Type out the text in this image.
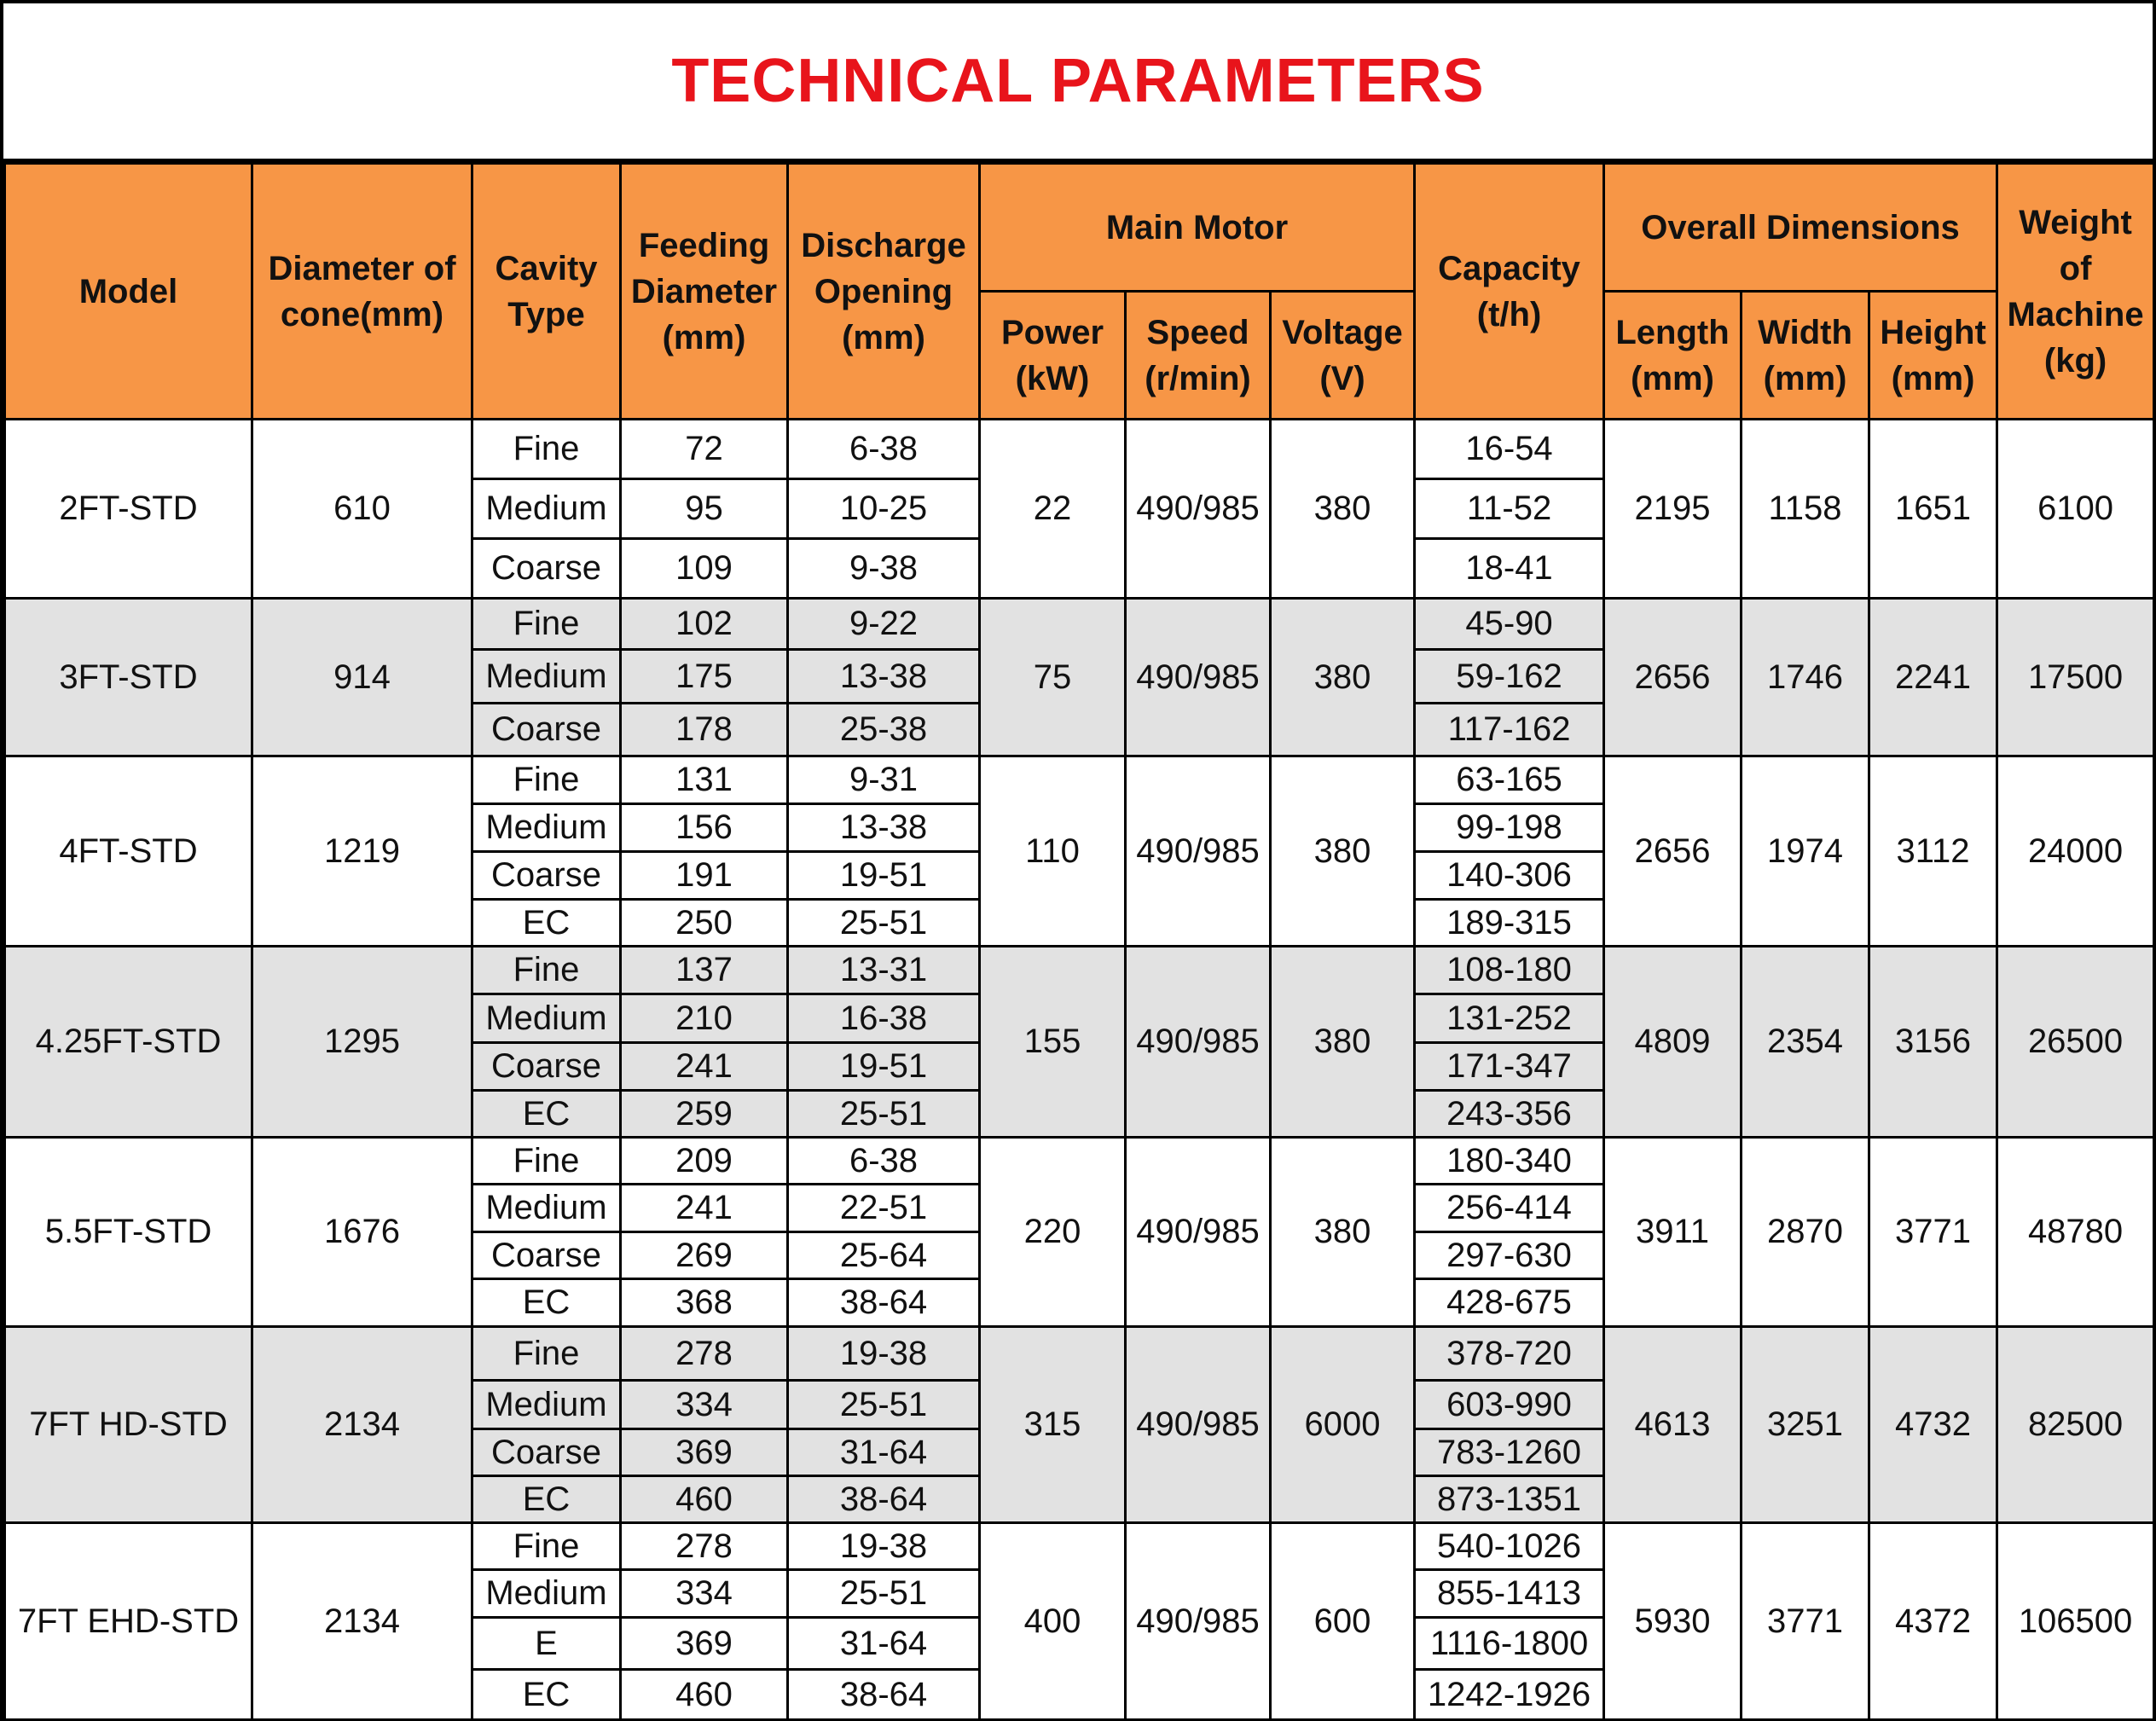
TECHNICAL PARAMETERS
Model	Diameter of cone(mm)	Cavity Type	Feeding Diameter (mm)	Discharge Opening (mm)	Main Motor			Capacity (t/h)	Overall Dimensions			Weight of Machine (kg)
					Power (kW)	Speed (r/min)	Voltage (V)		Length (mm)	Width (mm)	Height (mm)	
2FT-STD	610	Fine	72	6-38	22	490/985	380	16-54	2195	1158	1651	6100
		Medium	95	10-25				11-52				
		Coarse	109	9-38				18-41				
3FT-STD	914	Fine	102	9-22	75	490/985	380	45-90	2656	1746	2241	17500
		Medium	175	13-38				59-162				
		Coarse	178	25-38				117-162				
4FT-STD	1219	Fine	131	9-31	110	490/985	380	63-165	2656	1974	3112	24000
		Medium	156	13-38				99-198				
		Coarse	191	19-51				140-306				
		EC	250	25-51				189-315				
4.25FT-STD	1295	Fine	137	13-31	155	490/985	380	108-180	4809	2354	3156	26500
		Medium	210	16-38				131-252				
		Coarse	241	19-51				171-347				
		EC	259	25-51				243-356				
5.5FT-STD	1676	Fine	209	6-38	220	490/985	380	180-340	3911	2870	3771	48780
		Medium	241	22-51				256-414				
		Coarse	269	25-64				297-630				
		EC	368	38-64				428-675				
7FT HD-STD	2134	Fine	278	19-38	315	490/985	6000	378-720	4613	3251	4732	82500
		Medium	334	25-51				603-990				
		Coarse	369	31-64				783-1260				
		EC	460	38-64				873-1351				
7FT EHD-STD	2134	Fine	278	19-38	400	490/985	600	540-1026	5930	3771	4372	106500
		Medium	334	25-51				855-1413				
		E	369	31-64				1116-1800				
		EC	460	38-64				1242-1926				
